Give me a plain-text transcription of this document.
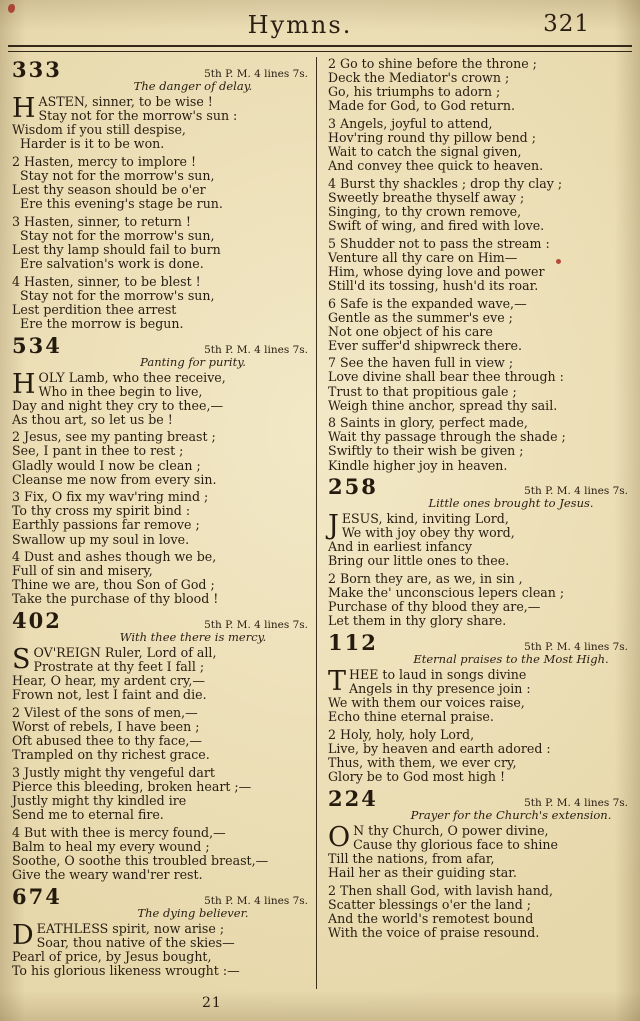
Hymns.	321
333	5th P. M. 4 lines 7s.
The danger of delay.
H ASTEN, sinner, to be wise !
Stay not for the morrow's sun :
Wisdom if you still despise,
Harder is it to be won.
2 Hasten, mercy to implore !
Stay not for the morrow's sun,
Lest thy season should be o'er
Ere this evening's stage be run.
3 Hasten, sinner, to return !
Stay not for the morrow's sun,
Lest thy lamp should fail to burn
Ere salvation's work is done.
4 Hasten, sinner, to be blest !
Stay not for the morrow's sun,
Lest perdition thee arrest
Ere the morrow is begun.
534	5th P. M. 4 lines 7s.
Panting for purity.
H OLY Lamb, who thee receive,
Who in thee begin to live,
Day and night they cry to thee,—
As thou art, so let us be !
2 Jesus, see my panting breast ;
See, I pant in thee to rest ;
Gladly would I now be clean ;
Cleanse me now from every sin.
3 Fix, O fix my wav'ring mind ;
To thy cross my spirit bind :
Earthly passions far remove ;
Swallow up my soul in love.
4 Dust and ashes though we be,
Full of sin and misery,
Thine we are, thou Son of God ;
Take the purchase of thy blood !
402	5th P. M. 4 lines 7s.
With thee there is mercy.
S OV'REIGN Ruler, Lord of all,
Prostrate at thy feet I fall ;
Hear, O hear, my ardent cry,—
Frown not, lest I faint and die.
2 Vilest of the sons of men,—
Worst of rebels, I have been ;
Oft abused thee to thy face,—
Trampled on thy richest grace.
3 Justly might thy vengeful dart
Pierce this bleeding, broken heart ;—
Justly might thy kindled ire
Send me to eternal fire.
4 But with thee is mercy found,—
Balm to heal my every wound ;
Soothe, O soothe this troubled breast,—
Give the weary wand'rer rest.
674	5th P. M. 4 lines 7s.
The dying believer.
D EATHLESS spirit, now arise ;
Soar, thou native of the skies—
Pearl of price, by Jesus bought,
To his glorious likeness wrought :—
2 Go to shine before the throne ;
Deck the Mediator's crown ;
Go, his triumphs to adorn ;
Made for God, to God return.
3 Angels, joyful to attend,
Hov'ring round thy pillow bend ;
Wait to catch the signal given,
And convey thee quick to heaven.
4 Burst thy shackles ; drop thy clay ;
Sweetly breathe thyself away ;
Singing, to thy crown remove,
Swift of wing, and fired with love.
5 Shudder not to pass the stream :
Venture all thy care on Him—
Him, whose dying love and power
Still'd its tossing, hush'd its roar.
6 Safe is the expanded wave,—
Gentle as the summer's eve ;
Not one object of his care
Ever suffer'd shipwreck there.
7 See the haven full in view ;
Love divine shall bear thee through :
Trust to that propitious gale ;
Weigh thine anchor, spread thy sail.
8 Saints in glory, perfect made,
Wait thy passage through the shade ;
Swiftly to their wish be given ;
Kindle higher joy in heaven.
258	5th P. M. 4 lines 7s.
Little ones brought to Jesus.
J ESUS, kind, inviting Lord,
We with joy obey thy word,
And in earliest infancy
Bring our little ones to thee.
2 Born they are, as we, in sin ,
Make the' unconscious lepers clean ;
Purchase of thy blood they are,—
Let them in thy glory share.
112	5th P. M. 4 lines 7s.
Eternal praises to the Most High.
T HEE to laud in songs divine
Angels in thy presence join :
We with them our voices raise,
Echo thine eternal praise.
2 Holy, holy, holy Lord,
Live, by heaven and earth adored :
Thus, with them, we ever cry,
Glory be to God most high !
224	5th P. M. 4 lines 7s.
Prayer for the Church's extension.
O N thy Church, O power divine,
Cause thy glorious face to shine
Till the nations, from afar,
Hail her as their guiding star.
2 Then shall God, with lavish hand,
Scatter blessings o'er the land ;
And the world's remotest bound
With the voice of praise resound.
21
